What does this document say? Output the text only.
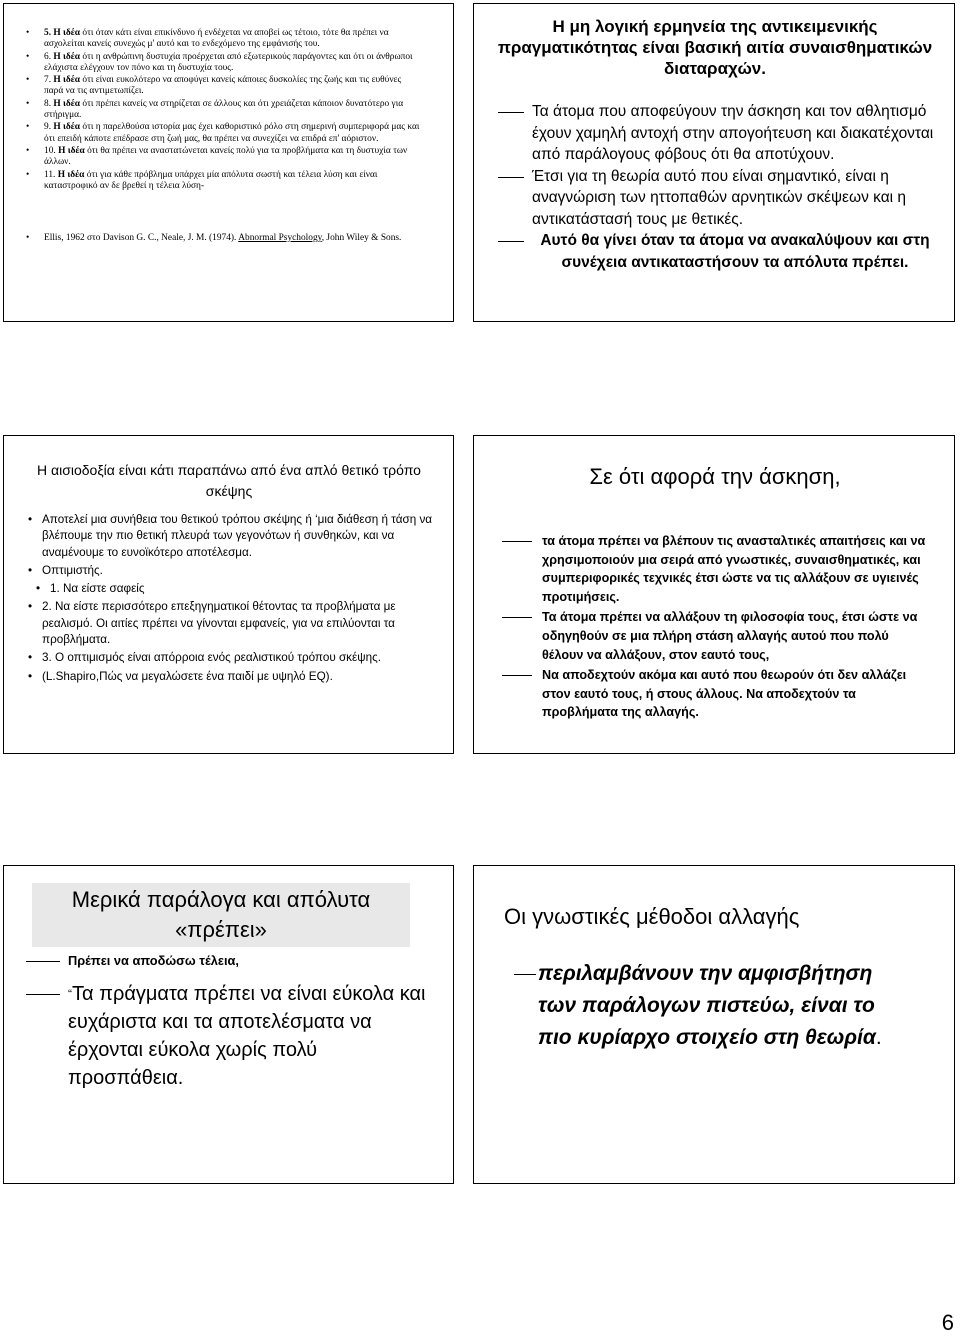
• 5. Η ιδέα ότι όταν κάτι είναι επικίνδυνο ή ενδέχεται να αποβεί ως τέτοιο, τότε θα πρέπει να ασχολείται κανείς συνεχώς μ' αυτό και το ενδεχόμενο της εμφάνισής του.
• 6. Η ιδέα ότι η ανθρώπινη δυστυχία προέρχεται από εξωτερικούς παράγοντες και ότι οι άνθρωποι ελάχιστα ελέγχουν τον πόνο και τη δυστυχία τους.
• 7. Η ιδέα ότι είναι ευκολότερο να αποφύγει κανείς κάποιες δυσκολίες της ζωής και τις ευθύνες παρά να τις αντιμετωπίζει.
• 8. Η ιδέα ότι πρέπει κανείς να στηρίζεται σε άλλους και ότι χρειάζεται κάποιον δυνατότερο για στήριγμα.
• 9. Η ιδέα ότι η παρελθούσα ιστορία μας έχει καθοριστικό ρόλο στη σημερινή συμπεριφορά μας και ότι επειδή κάποτε επέδρασε στη ζωή μας, θα πρέπει να συνεχίζει να επιδρά επ' αόριστον.
• 10. Η ιδέα ότι θα πρέπει να αναστατώνεται κανείς πολύ για τα προβλήματα και τη δυστυχία των άλλων.
• 11. Η ιδέα ότι για κάθε πρόβλημα υπάρχει μία απόλυτα σωστή και τέλεια λύση και είναι καταστροφικό αν δε βρεθεί η τέλεια λύση-
• Ellis, 1962 στο Davison G. C., Neale, J. M. (1974). Abnormal Psychology, John Wiley & Sons.
Η μη λογική ερμηνεία της αντικειμενικής πραγματικότητας είναι βασική αιτία συναισθηματικών διαταραχών.
Τα άτομα που αποφεύγουν την άσκηση και τον αθλητισμό έχουν χαμηλή αντοχή στην απογοήτευση και διακατέχονται από παράλογους φόβους ότι θα αποτύχουν.
Έτσι για τη θεωρία αυτό που είναι σημαντικό, είναι η αναγνώριση των ηττοπαθών αρνητικών σκέψεων και η αντικατάστασή τους με θετικές.
Αυτό θα γίνει όταν τα άτομα να ανακαλύψουν και στη συνέχεια αντικαταστήσουν τα απόλυτα πρέπει.
Η αισιοδοξία είναι κάτι παραπάνω από ένα απλό θετικό τρόπο σκέψης
• Αποτελεί μια συνήθεια του θετικού τρόπου σκέψης ή ‘μια διάθεση ή τάση να βλέπουμε την πιο θετική πλευρά των γεγονότων ή συνθηκών, και να αναμένουμε το ευνοϊκότερο αποτέλεσμα.
• Οπτιμιστής.
• 1. Να είστε σαφείς
• 2. Να είστε περισσότερο επεξηγηματικοί θέτοντας τα προβλήματα με ρεαλισμό. Οι αιτίες πρέπει να γίνονται εμφανείς, για να επιλύονται τα προβλήματα.
• 3. Ο οπτιμισμός είναι απόρροια ενός ρεαλιστικού τρόπου σκέψης.
• (L.Shapiro,Πώς να μεγαλώσετε ένα παιδί με υψηλό EQ).
Σε ότι αφορά την άσκηση,
τα άτομα πρέπει να βλέπουν τις ανασταλτικές απαιτήσεις και να χρησιμοποιούν μια σειρά από γνωστικές, συναισθηματικές, και συμπεριφορικές τεχνικές έτσι ώστε να τις αλλάξουν σε υγιεινές προτιμήσεις.
Τα άτομα πρέπει να αλλάξουν τη φιλοσοφία τους, έτσι ώστε να οδηγηθούν σε μια πλήρη στάση αλλαγής αυτού που πολύ θέλουν να αλλάξουν, στον εαυτό τους,
Να αποδεχτούν ακόμα και αυτό που θεωρούν ότι δεν αλλάζει στον εαυτό τους, ή στους άλλους. Να αποδεχτούν τα προβλήματα της αλλαγής.
Μερικά παράλογα και απόλυτα «πρέπει»
Πρέπει να αποδώσω τέλεια,
“Τα πράγματα πρέπει να είναι εύκολα και ευχάριστα και τα αποτελέσματα να έρχονται εύκολα χωρίς πολύ προσπάθεια.
Οι γνωστικές μέθοδοι αλλαγής
περιλαμβάνουν την αμφισβήτηση των παράλογων πιστεύω, είναι το πιο κυρίαρχο στοιχείο στη θεωρία.
6
